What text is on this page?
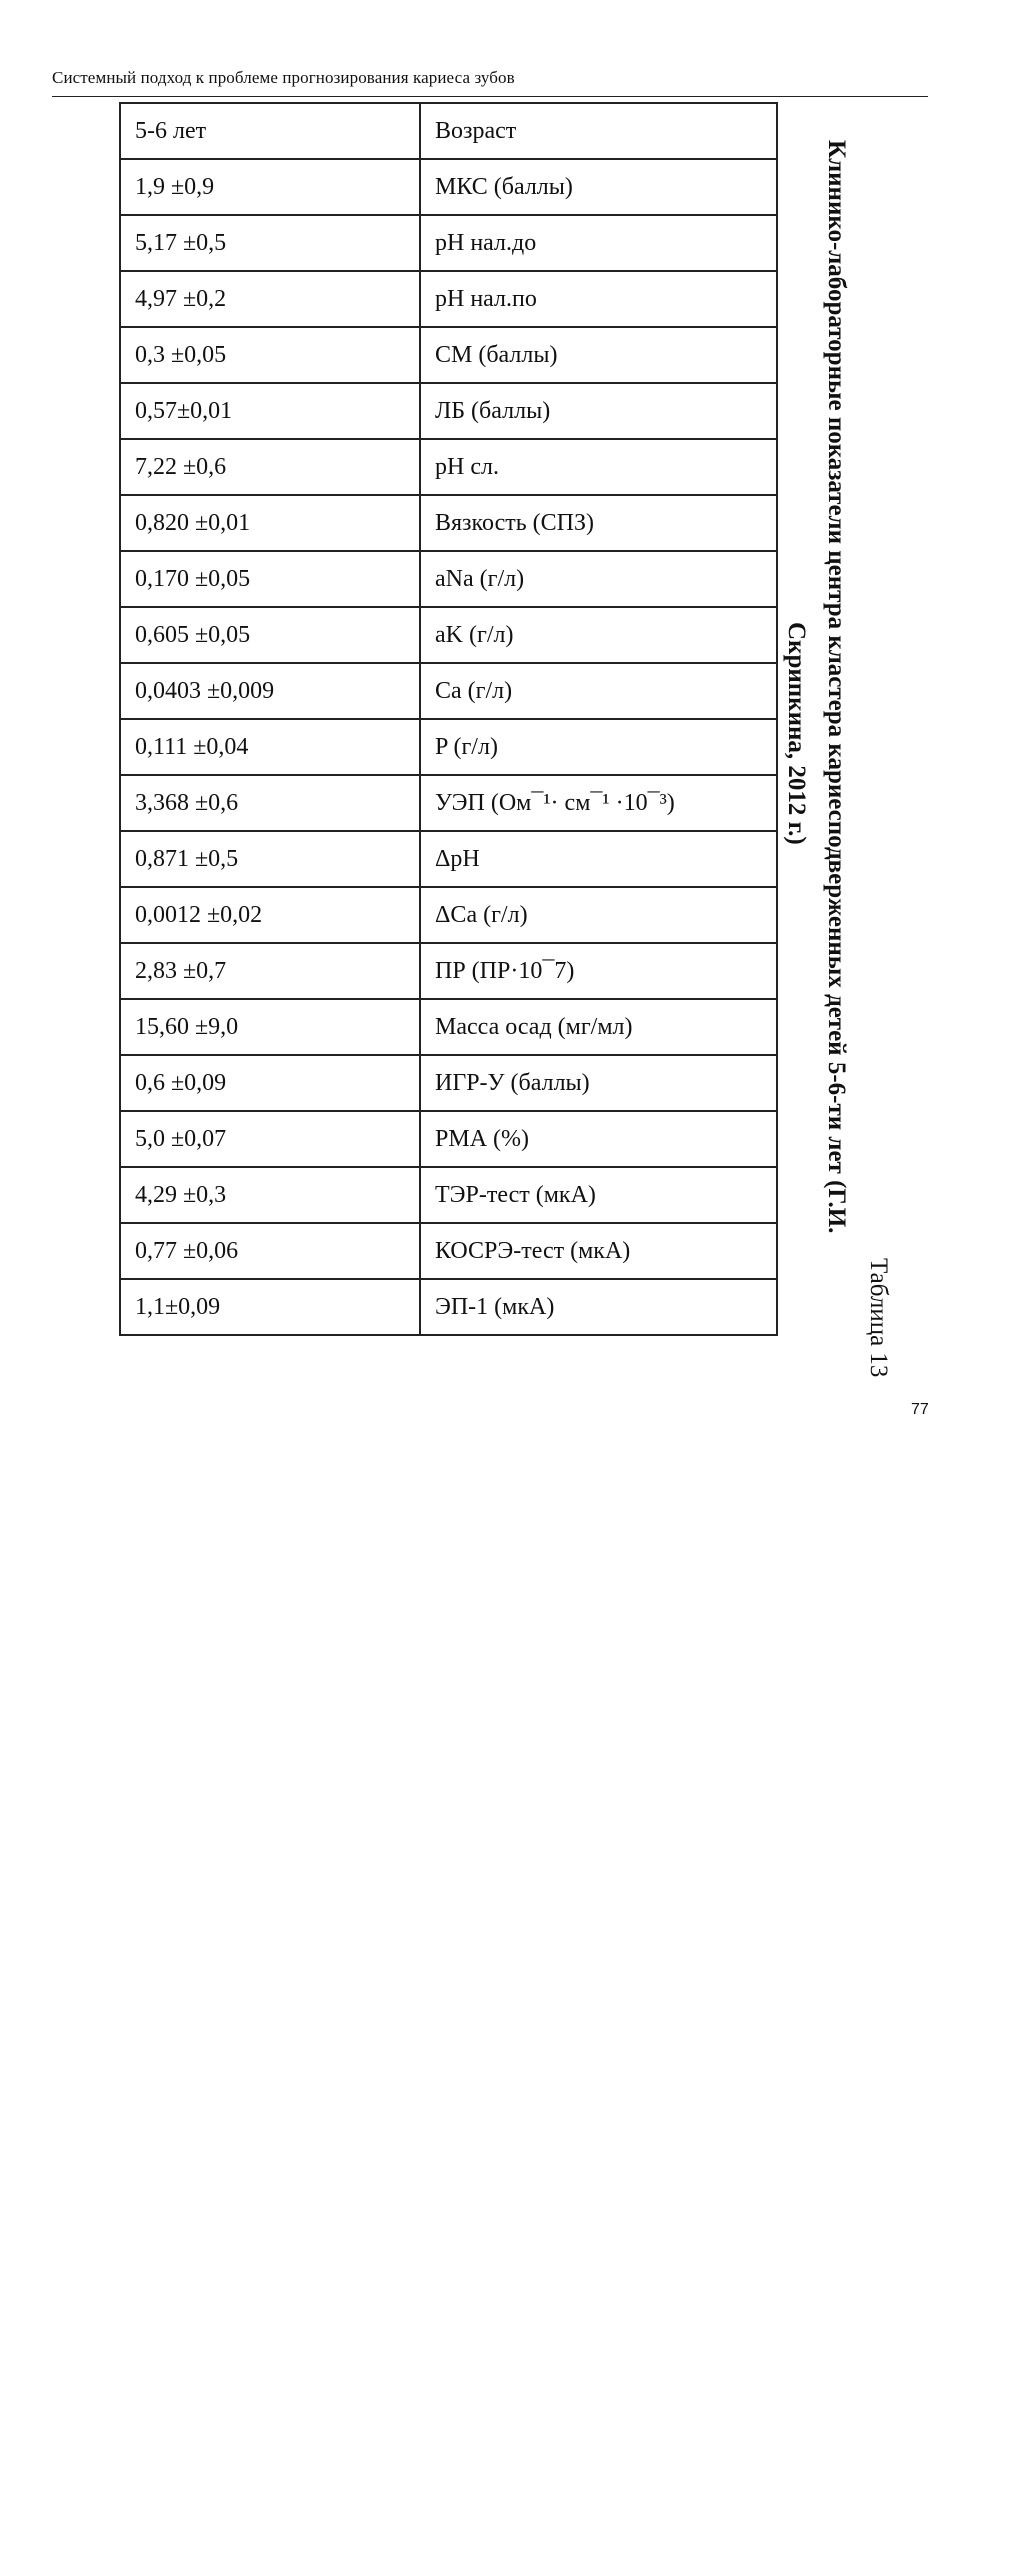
Системный подход к проблеме прогнозирования кариеса зубов
5-6 лет	Возраст
1,9 ±0,9	МКС (баллы)
5,17 ±0,5	pH нал.до
4,97 ±0,2	pH нал.по
0,3 ±0,05	СМ (баллы)
0,57±0,01	ЛБ (баллы)
7,22 ±0,6	pH сл.
0,820 ±0,01	Вязкость (СПЗ)
0,170 ±0,05	aNa (г/л)
0,605 ±0,05	aK (г/л)
0,0403 ±0,009	Ca (г/л)
0,111 ±0,04	P (г/л)
3,368 ±0,6	УЭП (Ом¯¹· см¯¹ ·10¯³)
0,871 ±0,5	ΔpH
0,0012 ±0,02	ΔCa (г/л)
2,83 ±0,7	ПР (ПР·10¯7)
15,60 ±9,0	Масса осад (мг/мл)
0,6 ±0,09	ИГР-У (баллы)
5,0 ±0,07	РМА (%)
4,29 ±0,3	ТЭР-тест (мкА)
0,77 ±0,06	КОСРЭ-тест (мкА)
1,1±0,09	ЭП-1 (мкА)
Клинико-лабораторные показатели центра кластера кариесподверженных детей 5-6-ти лет (Г.И.
Скрипкина, 2012 г.)
Таблица 13
77
